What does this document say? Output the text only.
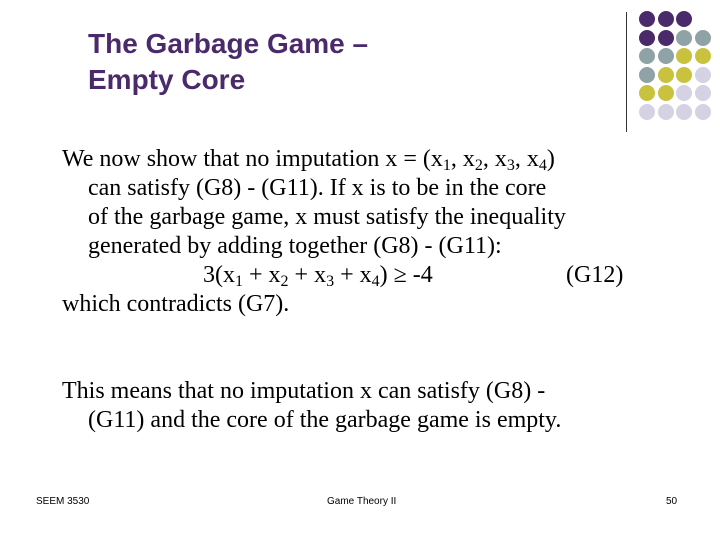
The Garbage Game –
Empty Core

We now show that no imputation $x = (x_1$, $x_2$, $x_3$, $x_4$)
can satisfy (G8) - (G11). If x is to be in the core
of the garbage game, x must satisfy the inequality
generated by adding together (G8) - (G11):

$3(x_1 + x_2 + x_3 + x_4) \ge -4$	(G12)

which contradicts (G7).

This means that no imputation x can satisfy (G8) -
(G11) and the core of the garbage game is empty.

SEEM 3530	Game Theory II	50
